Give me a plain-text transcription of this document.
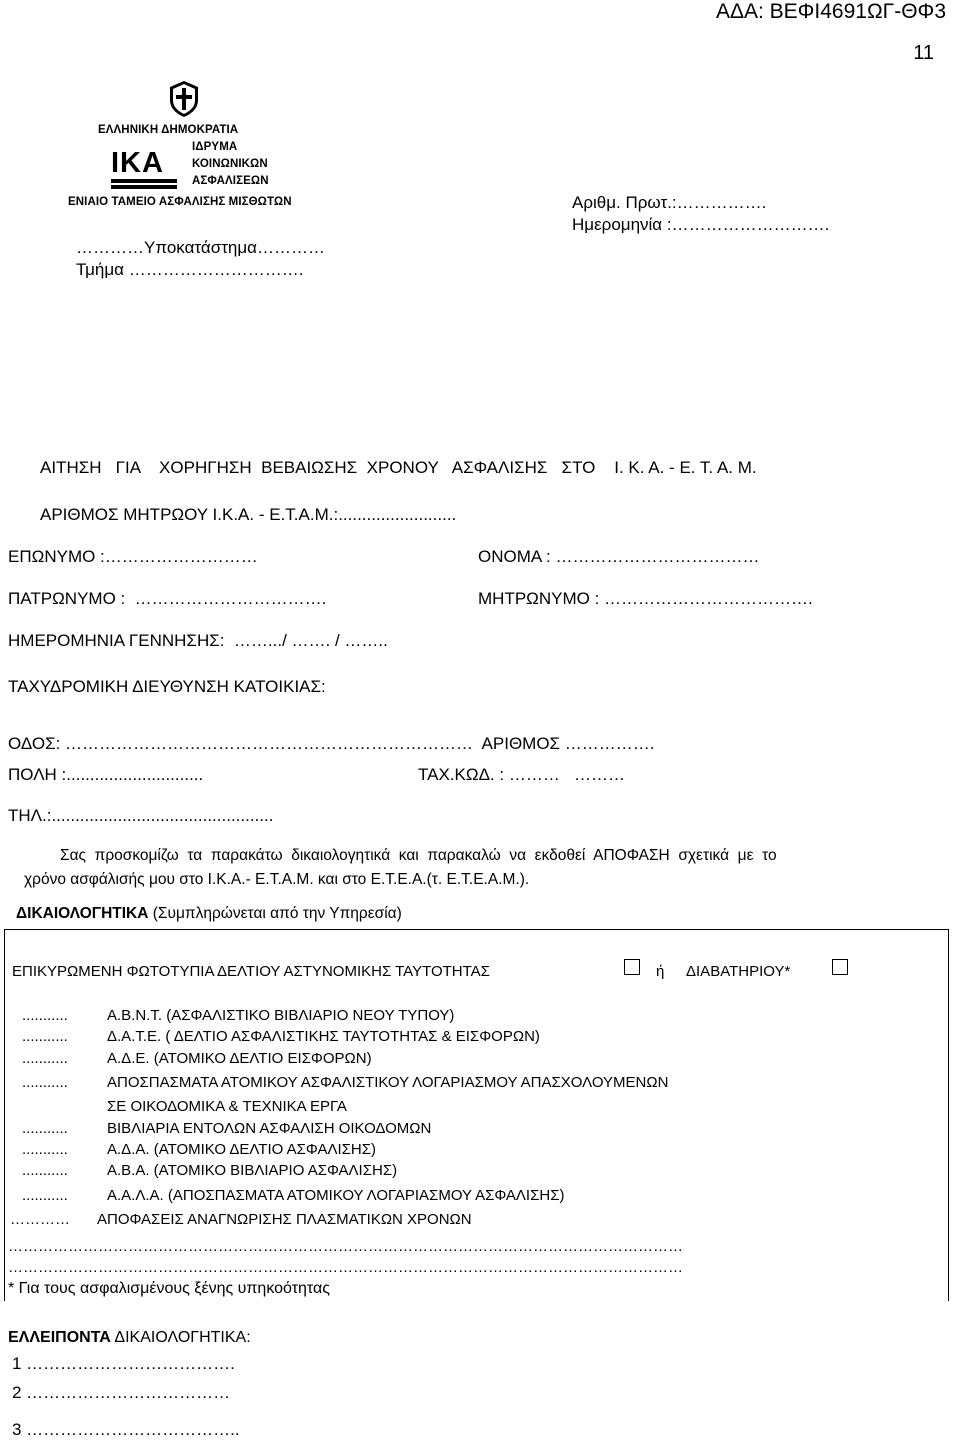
ΑΔΑ: ΒΕΦΙ4691ΩΓ-ΘΦ3
11
ΕΛΛΗΝΙΚΗ ΔΗΜΟΚΡΑΤΙΑ
ΙΔΡΥΜΑ
ΚΟΙΝΩΝΙΚΩΝ
ΑΣΦΑΛΙΣΕΩΝ
IKA
ΕΝΙΑΙΟ ΤΑΜΕΙΟ ΑΣΦΑΛΙΣΗΣ ΜΙΣΘΩΤΩΝ	Αριθμ. Πρωτ.:…………….
Ημερομηνία :……………………….
…………Υποκατάστημα…………
Τμήμα ………………………….
ΑΙΤΗΣΗ   ΓΙΑ    ΧΟΡΗΓΗΣΗ  ΒΕΒΑΙΩΣΗΣ  ΧΡΟΝΟΥ   ΑΣΦΑΛΙΣΗΣ   ΣΤΟ    Ι. Κ. Α. - Ε. Τ. Α. Μ.
ΑΡΙΘΜΟΣ ΜΗΤΡΩΟΥ Ι.Κ.Α. - Ε.Τ.Α.Μ.:.........................
ΕΠΩΝΥΜΟ :………………………	ΟΝΟΜΑ : ………………………………
ΠΑΤΡΩΝΥΜΟ :  …………………………….	ΜΗΤΡΩΝΥΜΟ : ……………………………….
ΗΜΕΡΟΜΗΝΙΑ ΓΕΝΝΗΣΗΣ:  …….../ ……. / ……..
ΤΑΧΥΔΡΟΜΙΚΗ ΔΙΕΥΘΥΝΣΗ ΚΑΤΟΙΚΙΑΣ:
ΟΔΟΣ: ………………………………………………………………  ΑΡΙΘΜΟΣ …………….
ΠΟΛΗ :.............................	ΤΑΧ.ΚΩΔ. : ………   ………
ΤΗΛ.:...............................................
Σας  προσκομίζω  τα  παρακάτω  δικαιολογητικά  και  παρακαλώ  να  εκδοθεί  ΑΠΟΦΑΣΗ  σχετικά  με  το
χρόνο ασφάλισής μου στο Ι.Κ.Α.- Ε.Τ.Α.Μ. και στο Ε.Τ.Ε.Α.(τ. Ε.Τ.Ε.Α.Μ.).
ΔΙΚΑΙΟΛΟΓΗΤΙΚΑ (Συμπληρώνεται από την Υπηρεσία)
ΕΠΙΚΥΡΩΜΕΝΗ ΦΩΤΟΤΥΠΙΑ ΔΕΛΤΙΟΥ ΑΣΤΥΝΟΜΙΚΗΣ ΤΑΥΤΟΤΗΤΑΣ	ή ΔΙΑΒΑΤΗΡΙΟΥ*
...........	Α.Β.Ν.Τ. (ΑΣΦΑΛΙΣΤΙΚΟ ΒΙΒΛΙΑΡΙΟ ΝΕΟΥ ΤΥΠΟΥ)
...........	Δ.Α.Τ.Ε. ( ΔΕΛΤΙΟ ΑΣΦΑΛΙΣΤΙΚΗΣ ΤΑΥΤΟΤΗΤΑΣ & ΕΙΣΦΟΡΩΝ)
...........	Α.Δ.Ε. (ΑΤΟΜΙΚΟ ΔΕΛΤΙΟ ΕΙΣΦΟΡΩΝ)
...........	ΑΠΟΣΠΑΣΜΑΤΑ ΑΤΟΜΙΚΟΥ ΑΣΦΑΛΙΣΤΙΚΟΥ ΛΟΓΑΡΙΑΣΜΟΥ ΑΠΑΣΧΟΛΟΥΜΕΝΩΝ
ΣΕ ΟΙΚΟΔΟΜΙΚΑ & ΤΕΧΝΙΚΑ ΕΡΓΑ
...........	ΒΙΒΛΙΑΡΙΑ ΕΝΤΟΛΩΝ ΑΣΦΑΛΙΣΗ ΟΙΚΟΔΟΜΩΝ
...........	Α.Δ.Α. (ΑΤΟΜΙΚΟ ΔΕΛΤΙΟ ΑΣΦΑΛΙΣΗΣ)
...........	Α.Β.Α. (ΑΤΟΜΙΚΟ ΒΙΒΛΙΑΡΙΟ ΑΣΦΑΛΙΣΗΣ)
...........	Α.Α.Λ.Α. (ΑΠΟΣΠΑΣΜΑΤΑ ΑΤΟΜΙΚΟΥ ΛΟΓΑΡΙΑΣΜΟΥ ΑΣΦΑΛΙΣΗΣ)
………… ΑΠΟΦΑΣΕΙΣ ΑΝΑΓΝΩΡΙΣΗΣ ΠΛΑΣΜΑΤΙΚΩΝ ΧΡΟΝΩΝ
………………………………………………………………………………………………………………………
………………………………………………………………………………………………………………………
* Για τους ασφαλισμένους ξένης υπηκοότητας
ΕΛΛΕΙΠΟΝΤΑ ΔΙΚΑΙΟΛΟΓΗΤΙΚΑ:
1 ……………………………….
2 ………………………………
3 ………………………………..
